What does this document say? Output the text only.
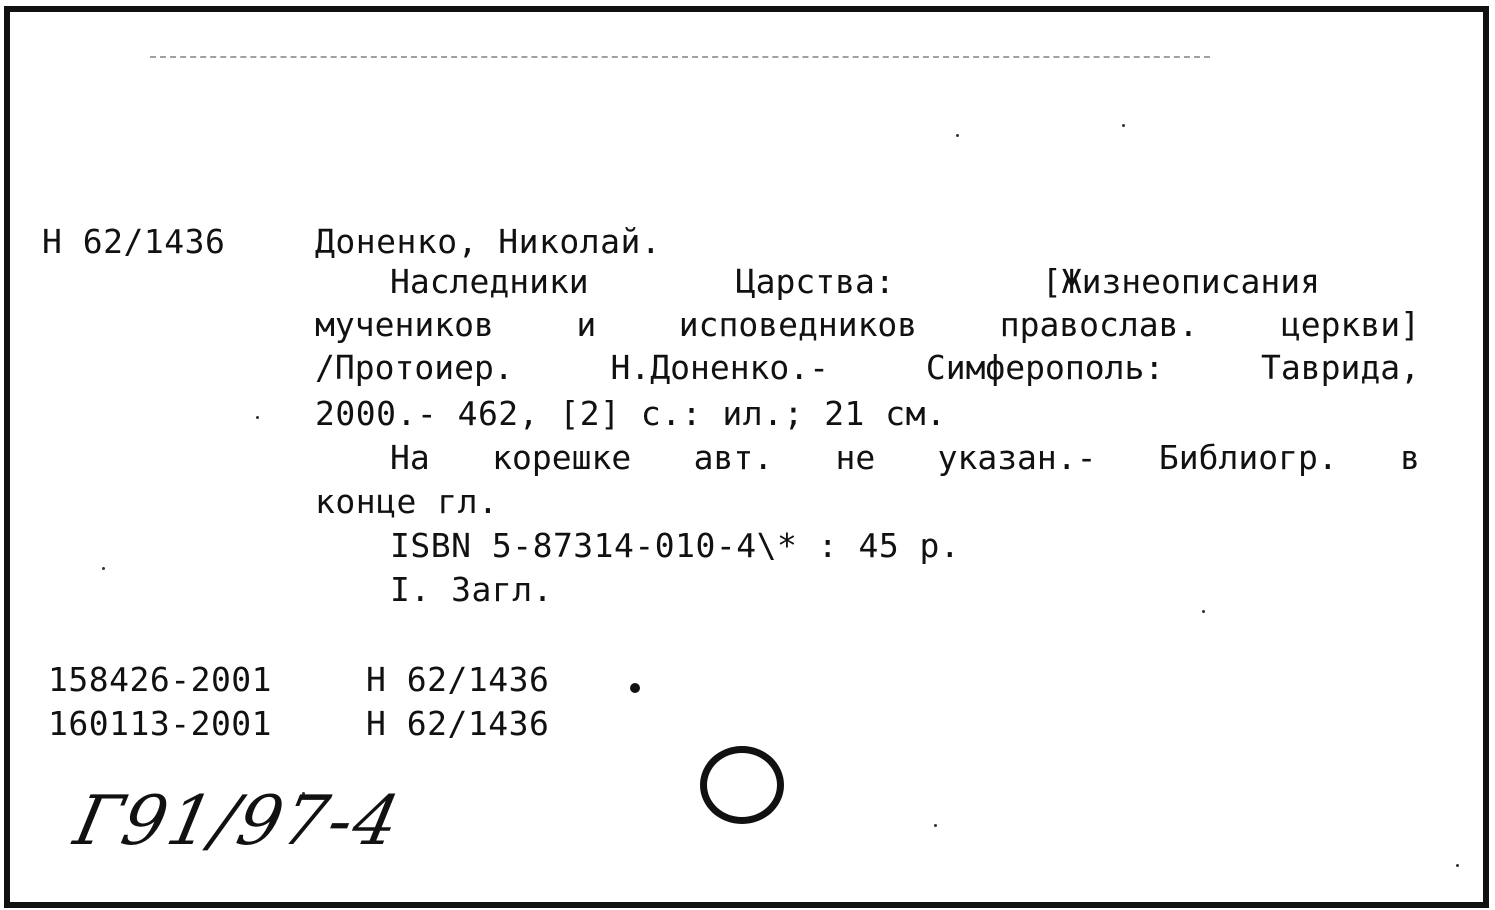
Н 62/1436	Доненко, Николай.
Наследники Царства: [Жизнеописания
мучеников и исповедников православ. церкви]
/Протоиер. Н.Доненко.- Симферополь: Таврида,
2000.- 462, [2] с.: ил.; 21 см.
На корешке авт. не указан.- Библиогр. в
конце гл.
ISBN 5-87314-010-4\* : 45 р.
I. Загл.
158426-2001	Н 62/1436
160113-2001	Н 62/1436
Г91/97-4
